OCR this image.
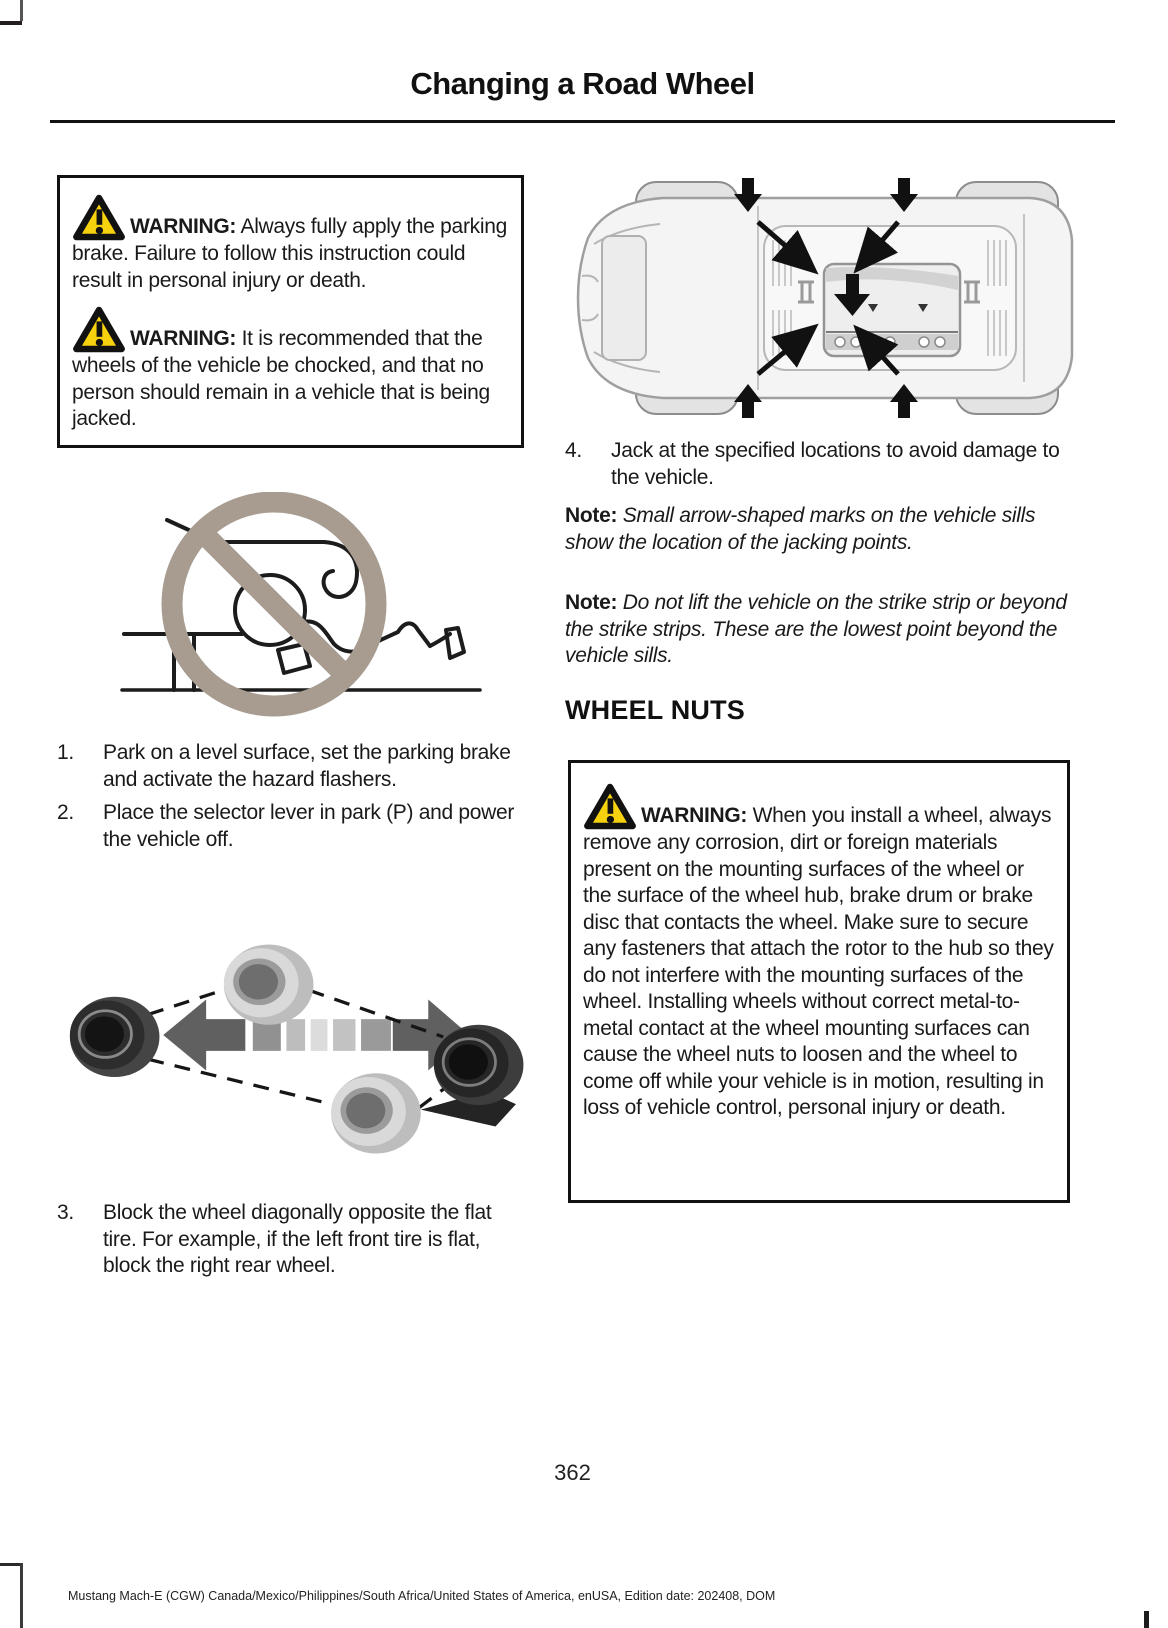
Changing a Road Wheel

WARNING: Always fully apply the parking brake. Failure to follow this instruction could result in personal injury or death.

WARNING: It is recommended that the wheels of the vehicle be chocked, and that no person should remain in a vehicle that is being jacked.

1.	Park on a level surface, set the parking brake and activate the hazard flashers.
2.	Place the selector lever in park (P) and power the vehicle off.
3.	Block the wheel diagonally opposite the flat tire. For example, if the left front tire is flat, block the right rear wheel.
4.	Jack at the specified locations to avoid damage to the vehicle.
Note: Small arrow-shaped marks on the vehicle sills show the location of the jacking points.
Note: Do not lift the vehicle on the strike strip or beyond the strike strips. These are the lowest point beyond the vehicle sills.
WHEEL NUTS

WARNING: When you install a wheel, always remove any corrosion, dirt or foreign materials present on the mounting surfaces of the wheel or the surface of the wheel hub, brake drum or brake disc that contacts the wheel. Make sure to secure any fasteners that attach the rotor to the hub so they do not interfere with the mounting surfaces of the wheel. Installing wheels without correct metal-to-metal contact at the wheel mounting surfaces can cause the wheel nuts to loosen and the wheel to come off while your vehicle is in motion, resulting in loss of vehicle control, personal injury or death.

362
Mustang Mach-E (CGW) Canada/Mexico/Philippines/South Africa/United States of America, enUSA, Edition date: 202408, DOM
